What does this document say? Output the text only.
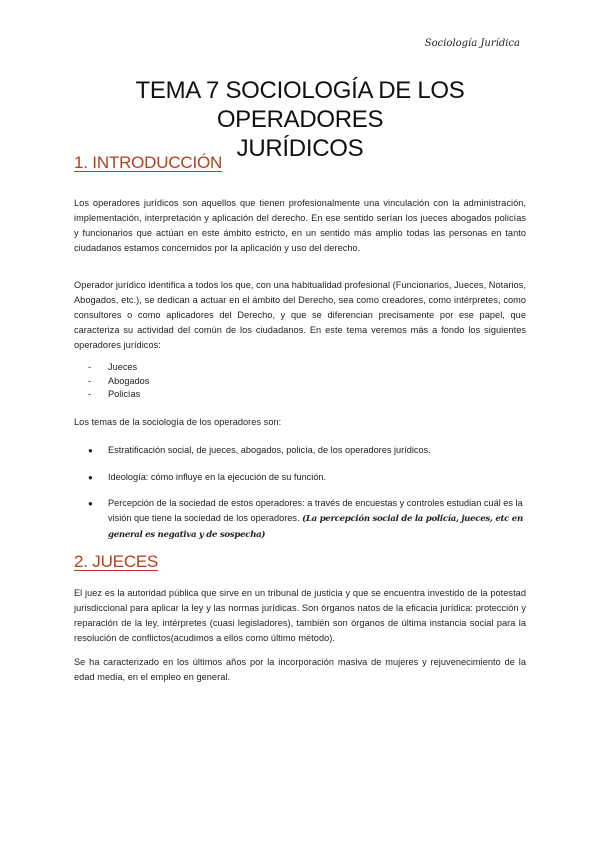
Sociología Jurídica
TEMA 7 SOCIOLOGÍA DE LOS OPERADORES
JURÍDICOS
1. INTRODUCCIÓN
Los operadores jurídicos son aquellos que tienen profesionalmente una vinculación con la administración, implementación, interpretación y aplicación del derecho. En ese sentido serían los jueces abogados policías y funcionarios que actúan en este ámbito estricto, en un sentido más amplio todas las personas en tanto ciudadanos estamos concernidos por la aplicación y uso del derecho.
Operador jurídico identifica a todos los que, con una habitualidad profesional (Funcionarios, Jueces, Notarios, Abogados, etc.), se dedican a actuar en el ámbito del Derecho, sea como creadores, como intérpretes, como consultores o como aplicadores del Derecho, y que se diferencian precisamente por ese papel, que caracteriza su actividad del común de los ciudadanos. En este tema veremos más a fondo los siguientes operadores jurídicos:
-	Jueces
-	Abogados
-	Policías
Los temas de la sociología de los operadores son:
●	Estratificación social, de jueces, abogados, policía, de los operadores jurídicos.
●	Ideología: cómo influye en la ejecución de su función.
●	Percepción de la sociedad de estos operadores: a través de encuestas y controles estudian cuál es la visión que tiene la sociedad de los operadores. (La percepción social de la policía, jueces, etc en general es negativa y de sospecha)
2. JUECES
El juez es la autoridad pública que sirve en un tribunal de justicia y que se encuentra investido de la potestad jurisdiccional para aplicar la ley y las normas jurídicas. Son órganos natos de la eficacia jurídica: protección y reparación de la ley, intérpretes (cuasi legisladores), también son órganos de última instancia social para la resolución de conflictos(acudimos a ellos como último método).
Se ha caracterizado en los últimos años por la incorporación masiva de mujeres y rejuvenecimiento de la edad media, en el empleo en general.
